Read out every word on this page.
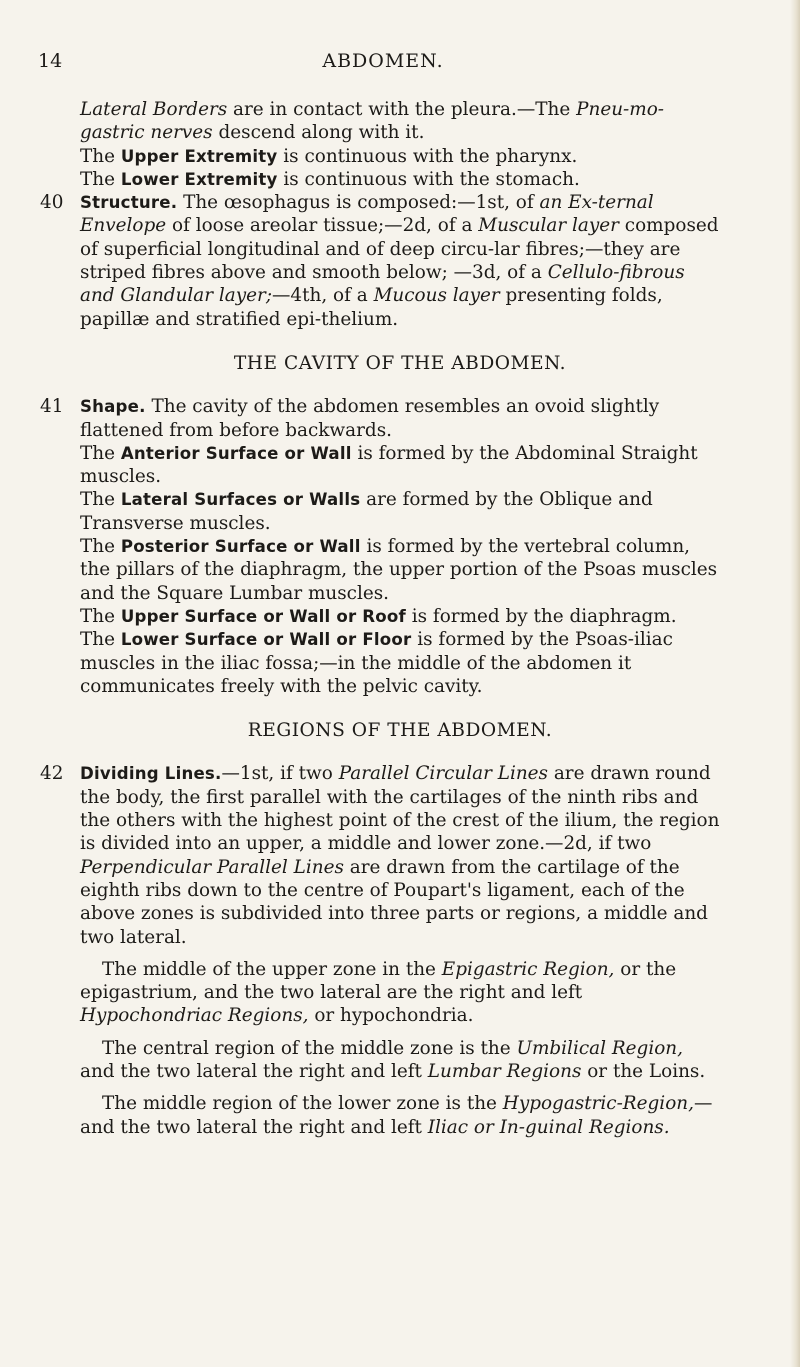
14	ABDOMEN.

Lateral Borders are in contact with the pleura.—The Pneu-mo-gastric nerves descend along with it.

The Upper Extremity is continuous with the pharynx.

The Lower Extremity is continuous with the stomach.

40 Structure. The œsophagus is composed:—1st, of an Ex-ternal Envelope of loose areolar tissue;—2d, of a Muscular layer composed of superficial longitudinal and of deep circu-lar fibres;—they are striped fibres above and smooth below; —3d, of a Cellulo-fibrous and Glandular layer;—4th, of a Mucous layer presenting folds, papillæ and stratified epi-thelium.

THE CAVITY OF THE ABDOMEN.

41 Shape. The cavity of the abdomen resembles an ovoid slightly flattened from before backwards.

The Anterior Surface or Wall is formed by the Abdominal Straight muscles.

The Lateral Surfaces or Walls are formed by the Oblique and Transverse muscles.

The Posterior Surface or Wall is formed by the vertebral column, the pillars of the diaphragm, the upper portion of the Psoas muscles and the Square Lumbar muscles.

The Upper Surface or Wall or Roof is formed by the diaphragm.

The Lower Surface or Wall or Floor is formed by the Psoas-iliac muscles in the iliac fossa;—in the middle of the abdomen it communicates freely with the pelvic cavity.

REGIONS OF THE ABDOMEN.

42 Dividing Lines.—1st, if two Parallel Circular Lines are drawn round the body, the first parallel with the cartilages of the ninth ribs and the others with the highest point of the crest of the ilium, the region is divided into an upper, a middle and lower zone.—2d, if two Perpendicular Parallel Lines are drawn from the cartilage of the eighth ribs down to the centre of Poupart's ligament, each of the above zones is subdivided into three parts or regions, a middle and two lateral.

The middle of the upper zone in the Epigastric Region, or the epigastrium, and the two lateral are the right and left Hypochondriac Regions, or hypochondria.

The central region of the middle zone is the Umbilical Region, and the two lateral the right and left Lumbar Regions or the Loins.

The middle region of the lower zone is the Hypogastric-Region,—and the two lateral the right and left Iliac or In-guinal Regions.
